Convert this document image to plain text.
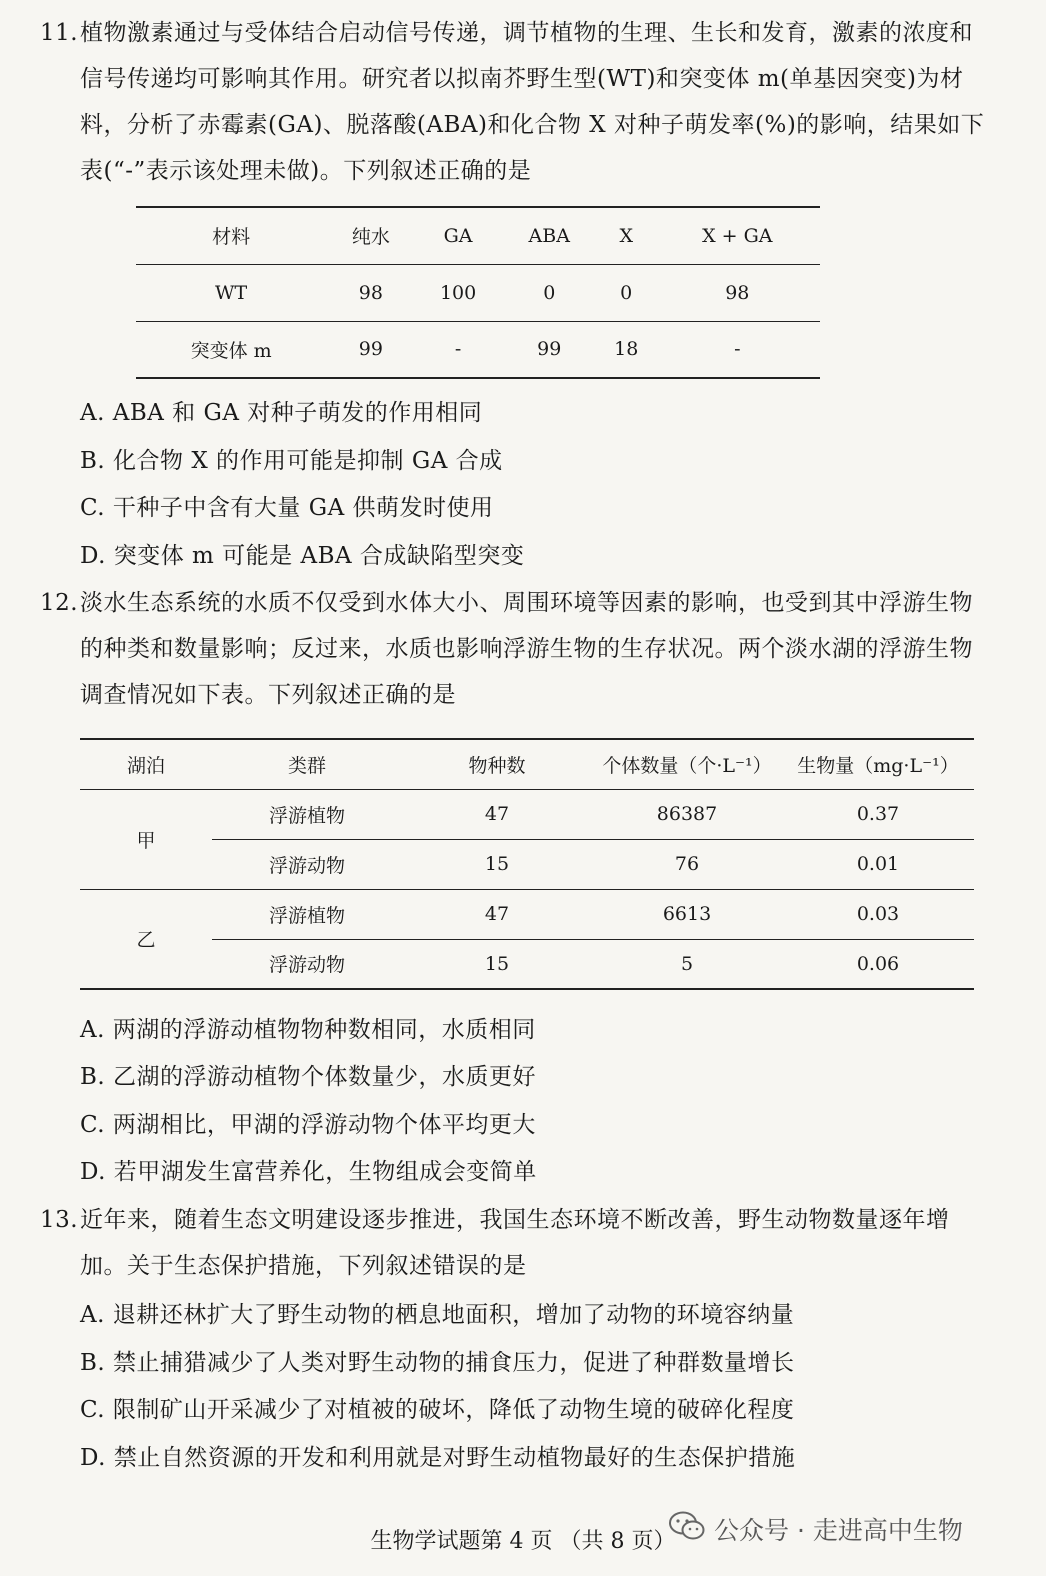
11. 植物激素通过与受体结合启动信号传递，调节植物的生理、生长和发育，激素的浓度和信号传递均可影响其作用。研究者以拟南芥野生型(WT)和突变体 m(单基因突变)为材料，分析了赤霉素(GA)、脱落酸(ABA)和化合物 X 对种子萌发率(%)的影响，结果如下表(“-”表示该处理未做)。下列叙述正确的是
材料	纯水	GA	ABA	X	X + GA
WT	98	100	0	0	98
突变体 m	99	-	99	18	-
A. ABA 和 GA 对种子萌发的作用相同
B. 化合物 X 的作用可能是抑制 GA 合成
C. 干种子中含有大量 GA 供萌发时使用
D. 突变体 m 可能是 ABA 合成缺陷型突变
12. 淡水生态系统的水质不仅受到水体大小、周围环境等因素的影响，也受到其中浮游生物的种类和数量影响；反过来，水质也影响浮游生物的生存状况。两个淡水湖的浮游生物调查情况如下表。下列叙述正确的是
湖泊	类群	物种数	个体数量（个·L⁻¹）	生物量（mg·L⁻¹）
甲	浮游植物	47	86387	0.37
	浮游动物	15	76	0.01
乙	浮游植物	47	6613	0.03
	浮游动物	15	5	0.06
A. 两湖的浮游动植物物种数相同，水质相同
B. 乙湖的浮游动植物个体数量少，水质更好
C. 两湖相比，甲湖的浮游动物个体平均更大
D. 若甲湖发生富营养化，生物组成会变简单
13. 近年来，随着生态文明建设逐步推进，我国生态环境不断改善，野生动物数量逐年增加。关于生态保护措施，下列叙述错误的是
A. 退耕还林扩大了野生动物的栖息地面积，增加了动物的环境容纳量
B. 禁止捕猎减少了人类对野生动物的捕食压力，促进了种群数量增长
C. 限制矿山开采减少了对植被的破坏，降低了动物生境的破碎化程度
D. 禁止自然资源的开发和利用就是对野生动植物最好的生态保护措施
公众号 · 走进高中生物
生物学试题第 4 页 （共 8 页）
